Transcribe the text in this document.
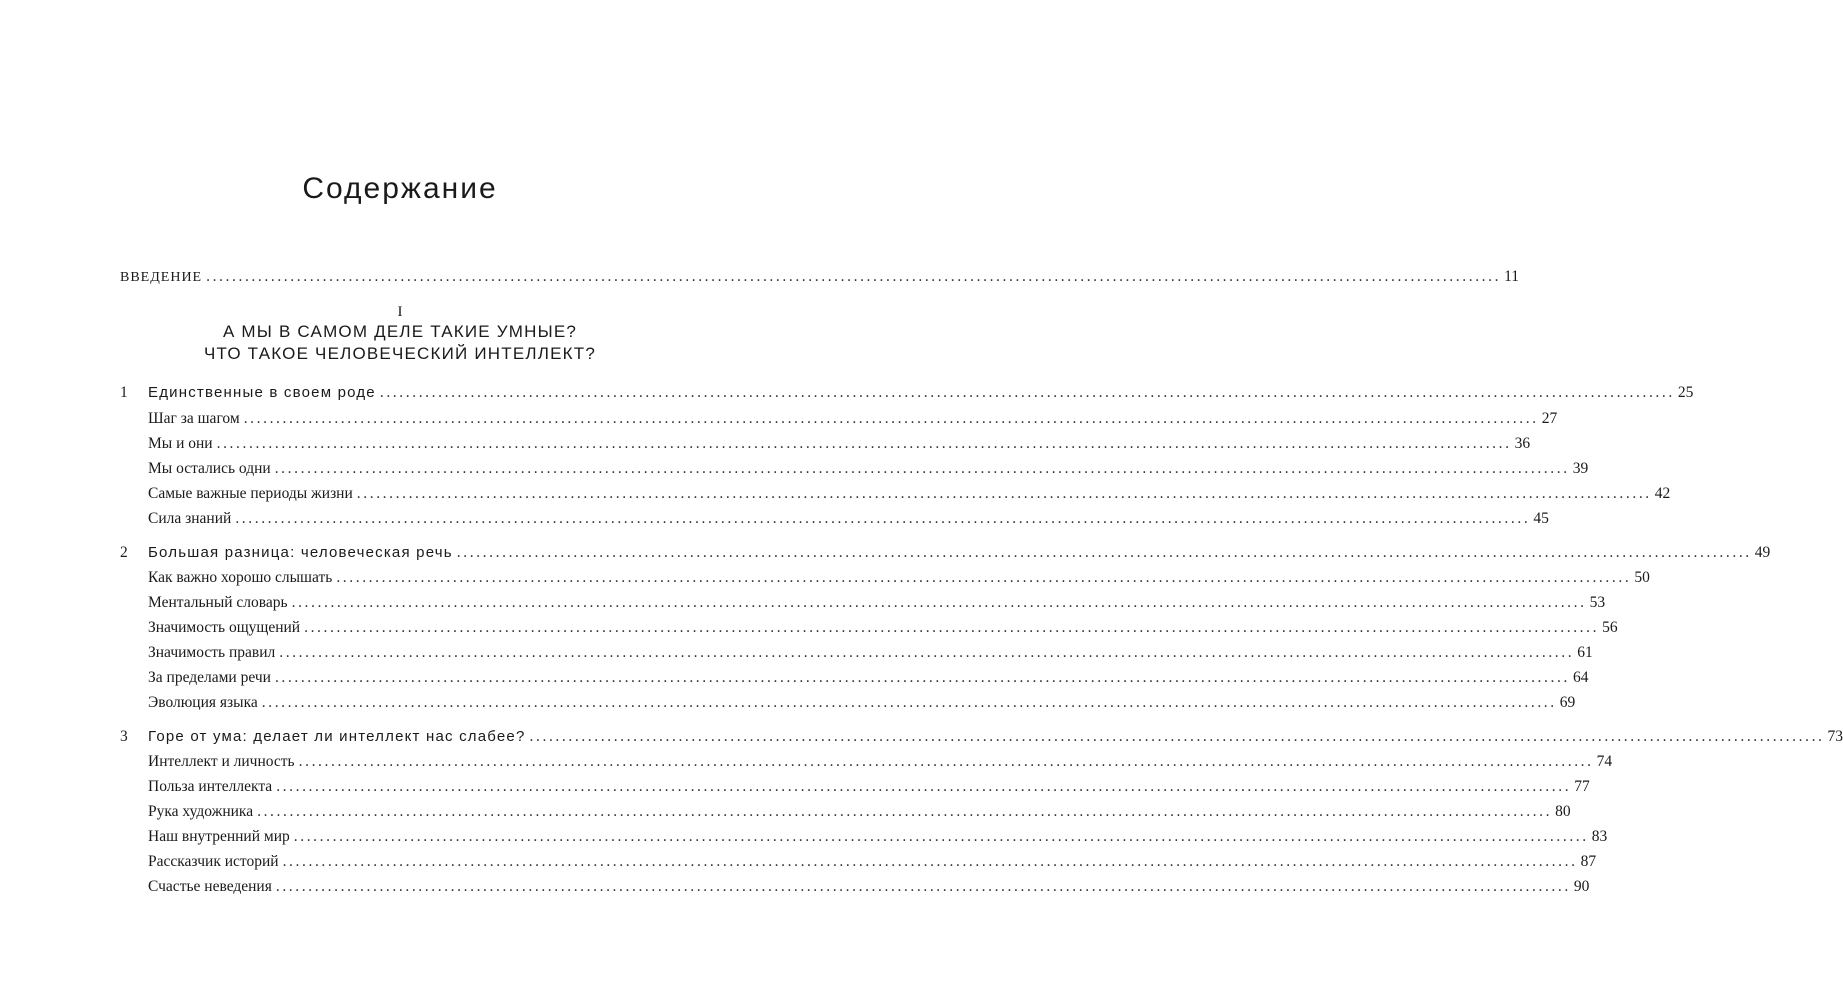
Содержание
ВВЕДЕНИЕ ........................................................................................................................................................................................................ 11
I
А МЫ В САМОМ ДЕЛЕ ТАКИЕ УМНЫЕ?
ЧТО ТАКОЕ ЧЕЛОВЕЧЕСКИЙ ИНТЕЛЛЕКТ?
1 Единственные в своем роде ........................................................................................................................................................................................................ 25
Шаг за шагом ........................................................................................................................................................................................................ 27
Мы и они ........................................................................................................................................................................................................ 36
Мы остались одни ........................................................................................................................................................................................................ 39
Самые важные периоды жизни ........................................................................................................................................................................................................ 42
Сила знаний ........................................................................................................................................................................................................ 45
2 Большая разница: человеческая речь ........................................................................................................................................................................................................ 49
Как важно хорошо слышать ........................................................................................................................................................................................................ 50
Ментальный словарь ........................................................................................................................................................................................................ 53
Значимость ощущений ........................................................................................................................................................................................................ 56
Значимость правил ........................................................................................................................................................................................................ 61
За пределами речи ........................................................................................................................................................................................................ 64
Эволюция языка ........................................................................................................................................................................................................ 69
3 Горе от ума: делает ли интеллект нас слабее? ........................................................................................................................................................................................................ 73
Интеллект и личность ........................................................................................................................................................................................................ 74
Польза интеллекта ........................................................................................................................................................................................................ 77
Рука художника ........................................................................................................................................................................................................ 80
Наш внутренний мир ........................................................................................................................................................................................................ 83
Рассказчик историй ........................................................................................................................................................................................................ 87
Счастье неведения ........................................................................................................................................................................................................ 90
